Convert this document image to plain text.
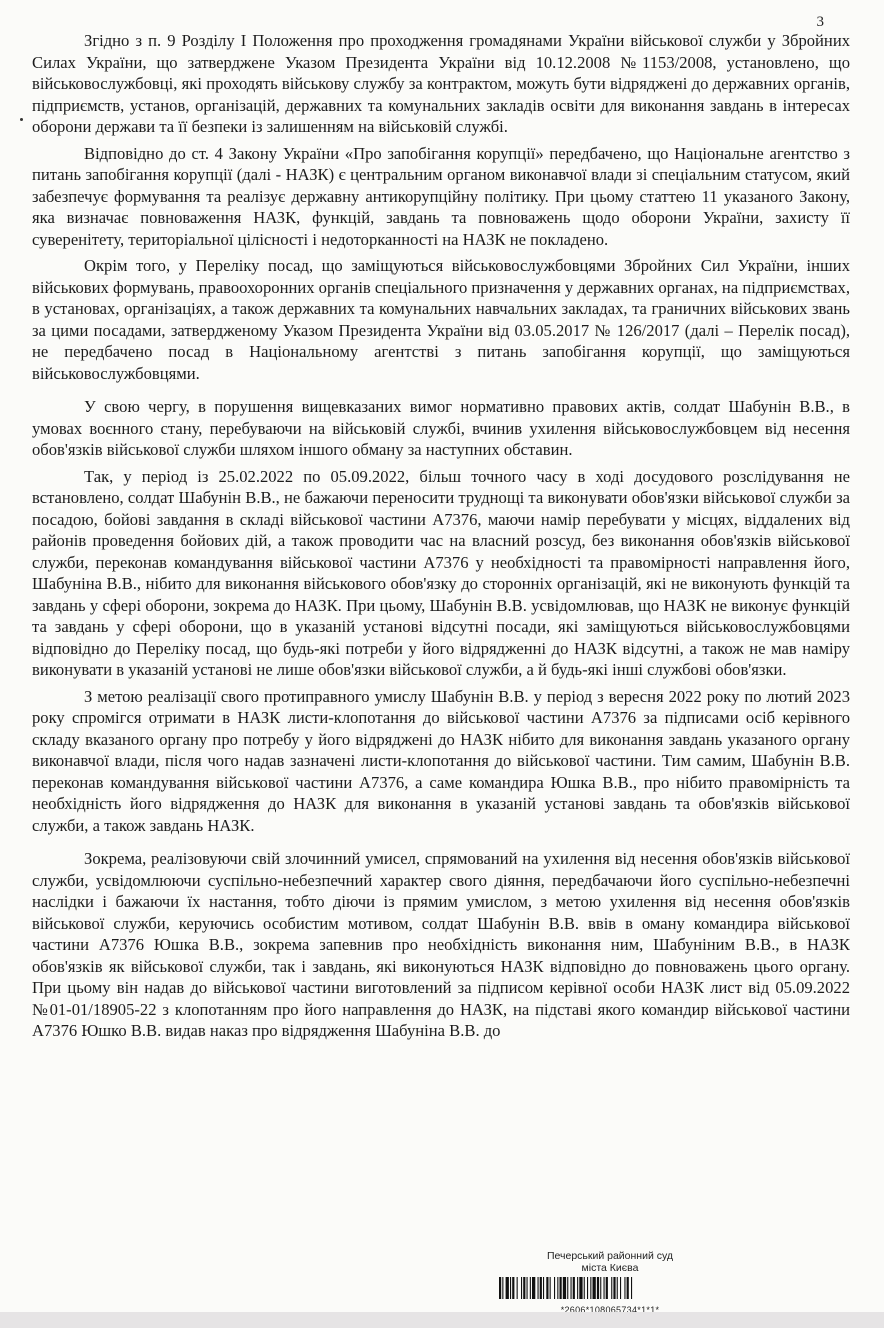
3

Згідно з п. 9 Розділу І Положення про проходження громадянами України військової служби у Збройних Силах України, що затверджене Указом Президента України від 10.12.2008 №1153/2008, установлено, що військовослужбовці, які проходять військову службу за контрактом, можуть бути відряджені до державних органів, підприємств, установ, організацій, державних та комунальних закладів освіти для виконання завдань в інтересах оборони держави та її безпеки із залишенням на військовій службі.

Відповідно до ст. 4 Закону України «Про запобігання корупції» передбачено, що Національне агентство з питань запобігання корупції (далі - НАЗК) є центральним органом виконавчої влади зі спеціальним статусом, який забезпечує формування та реалізує державну антикорупційну політику. При цьому статтею 11 указаного Закону, яка визначає повноваження НАЗК, функцій, завдань та повноважень щодо оборони України, захисту її суверенітету, територіальної цілісності і недоторканності на НАЗК не покладено.

Окрім того, у Переліку посад, що заміщуються військовослужбовцями Збройних Сил України, інших військових формувань, правоохоронних органів спеціального призначення у державних органах, на підприємствах, в установах, організаціях, а також державних та комунальних навчальних закладах, та граничних військових звань за цими посадами, затвердженому Указом Президента України від 03.05.2017 № 126/2017 (далі – Перелік посад), не передбачено посад в Національному агентстві з питань запобігання корупції, що заміщуються військовослужбовцями.

У свою чергу, в порушення вищевказаних вимог нормативно правових актів, солдат Шабунін В.В., в умовах воєнного стану, перебуваючи на військовій службі, вчинив ухилення військовослужбовцем від несення обов'язків військової служби шляхом іншого обману за наступних обставин.

Так, у період із 25.02.2022 по 05.09.2022, більш точного часу в ході досудового розслідування не встановлено, солдат Шабунін В.В., не бажаючи переносити труднощі та виконувати обов'язки військової служби за посадою, бойові завдання в складі військової частини А7376, маючи намір перебувати у місцях, віддалених від районів проведення бойових дій, а також проводити час на власний розсуд, без виконання обов'язків військової служби, переконав командування військової частини А7376 у необхідності та правомірності направлення його, Шабуніна В.В., нібито для виконання військового обов'язку до сторонніх організацій, які не виконують функцій та завдань у сфері оборони, зокрема до НАЗК. При цьому, Шабунін В.В. усвідомлював, що НАЗК не виконує функцій та завдань у сфері оборони, що в указаній установі відсутні посади, які заміщуються військовослужбовцями відповідно до Переліку посад, що будь-які потреби у його відрядженні до НАЗК відсутні, а також не мав наміру виконувати в указаній установі не лише обов'язки військової служби, а й будь-які інші службові обов'язки.

З метою реалізації свого протиправного умислу Шабунін В.В. у період з вересня 2022 року по лютий 2023 року спромігся отримати в НАЗК листи-клопотання до військової частини А7376 за підписами осіб керівного складу вказаного органу про потребу у його відряджені до НАЗК нібито для виконання завдань указаного органу виконавчої влади, після чого надав зазначені листи-клопотання до військової частини. Тим самим, Шабунін В.В. переконав командування військової частини А7376, а саме командира Юшка В.В., про нібито правомірність та необхідність його відрядження до НАЗК для виконання в указаній установі завдань та обов'язків військової служби, а також завдань НАЗК.

Зокрема, реалізовуючи свій злочинний умисел, спрямований на ухилення від несення обов'язків військової служби, усвідомлюючи суспільно-небезпечний характер свого діяння, передбачаючи його суспільно-небезпечні наслідки і бажаючи їх настання, тобто діючи із прямим умислом, з метою ухилення від несення обов'язків військової служби, керуючись особистим мотивом, солдат Шабунін В.В. ввів в оману командира військової частини А7376 Юшка В.В., зокрема запевнив про необхідність виконання ним, Шабуніним В.В., в НАЗК обов'язків як військової служби, так і завдань, які виконуються НАЗК відповідно до повноважень цього органу. При цьому він надав до військової частини виготовлений за підписом керівної особи НАЗК лист від 05.09.2022 №01-01/18905-22 з клопотанням про його направлення до НАЗК, на підставі якого командир військової частини А7376 Юшко В.В. видав наказ про відрядження Шабуніна В.В. до

Печерський районний суд
міста Києва
*2606*108065734*1*1*
